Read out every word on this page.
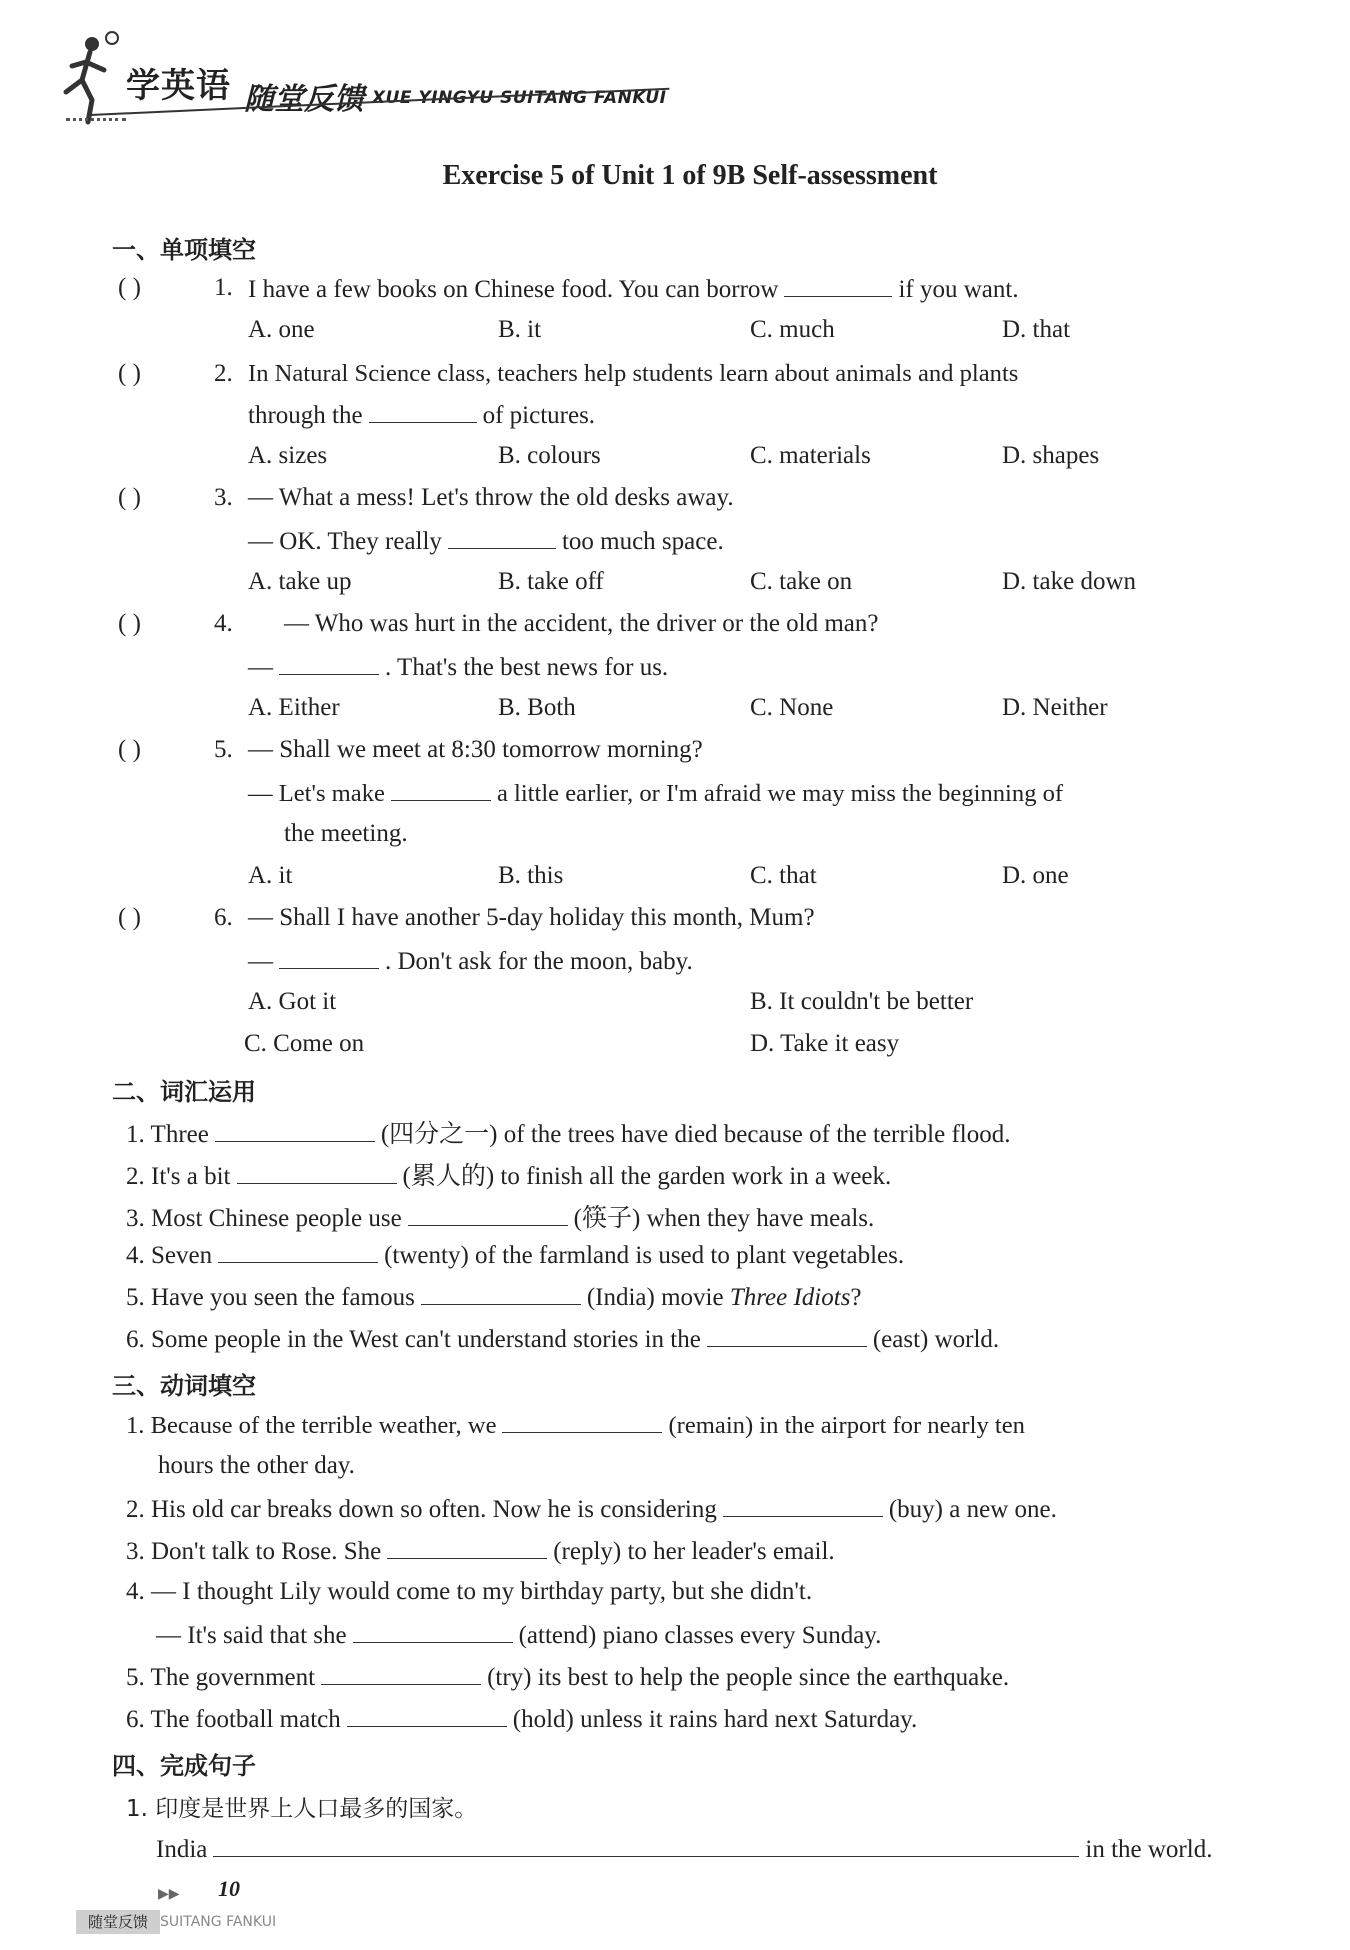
学英语 随堂反馈 XUE YINGYU SUITANG FANKUI
Exercise 5 of Unit 1 of 9B Self-assessment
一、单项填空
( )	1. I have a few books on Chinese food. You can borrow	if you want.
A. one	B. it	C. much	D. that
( )	2. In Natural Science class, teachers help students learn about animals and plants
through the	of pictures.
A. sizes	B. colours	C. materials	D. shapes
( )	3. — What a mess! Let's throw the old desks away.
— OK. They really	too much space.
A. take up	B. take off	C. take on	D. take down
( )	4. — Who was hurt in the accident, the driver or the old man?
—	. That's the best news for us.
A. Either	B. Both	C. None	D. Neither
( )	5. — Shall we meet at 8:30 tomorrow morning?
— Let's make	a little earlier, or I'm afraid we may miss the beginning of
the meeting.
A. it	B. this	C. that	D. one
( )	6. — Shall I have another 5-day holiday this month, Mum?
—	. Don't ask for the moon, baby.
A. Got it	B. It couldn't be better
C. Come on	D. Take it easy
二、词汇运用
1. Three	(四分之一) of the trees have died because of the terrible flood.
2. It's a bit	(累人的) to finish all the garden work in a week.
3. Most Chinese people use	(筷子) when they have meals.
4. Seven	(twenty) of the farmland is used to plant vegetables.
5. Have you seen the famous	(India) movie Three Idiots?
6. Some people in the West can't understand stories in the	(east) world.
三、动词填空
1. Because of the terrible weather, we	(remain) in the airport for nearly ten
hours the other day.
2. His old car breaks down so often. Now he is considering	(buy) a new one.
3. Don't talk to Rose. She	(reply) to her leader's email.
4. — I thought Lily would come to my birthday party, but she didn't.
— It's said that she	(attend) piano classes every Sunday.
5. The government	(try) its best to help the people since the earthquake.
6. The football match	(hold) unless it rains hard next Saturday.
四、完成句子
1. 印度是世界上人口最多的国家。
India	in the world.
▶▶ 10
随堂反馈 SUITANG FANKUI
